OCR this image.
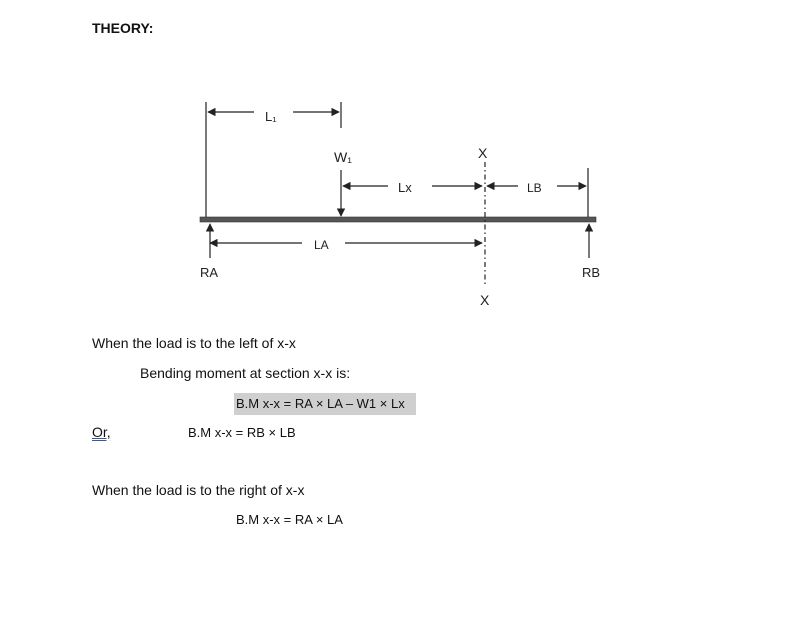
THEORY:
L₁
W₁
Lx	LB
X
X
LA
RA	RB
When the load is to the left of x-x
Bending moment at section x-x is:
B.M x-x = RA × LA – W1 × Lx
Or,	B.M x-x = RB × LB
When the load is to the right of x-x
B.M x-x = RA × LA
